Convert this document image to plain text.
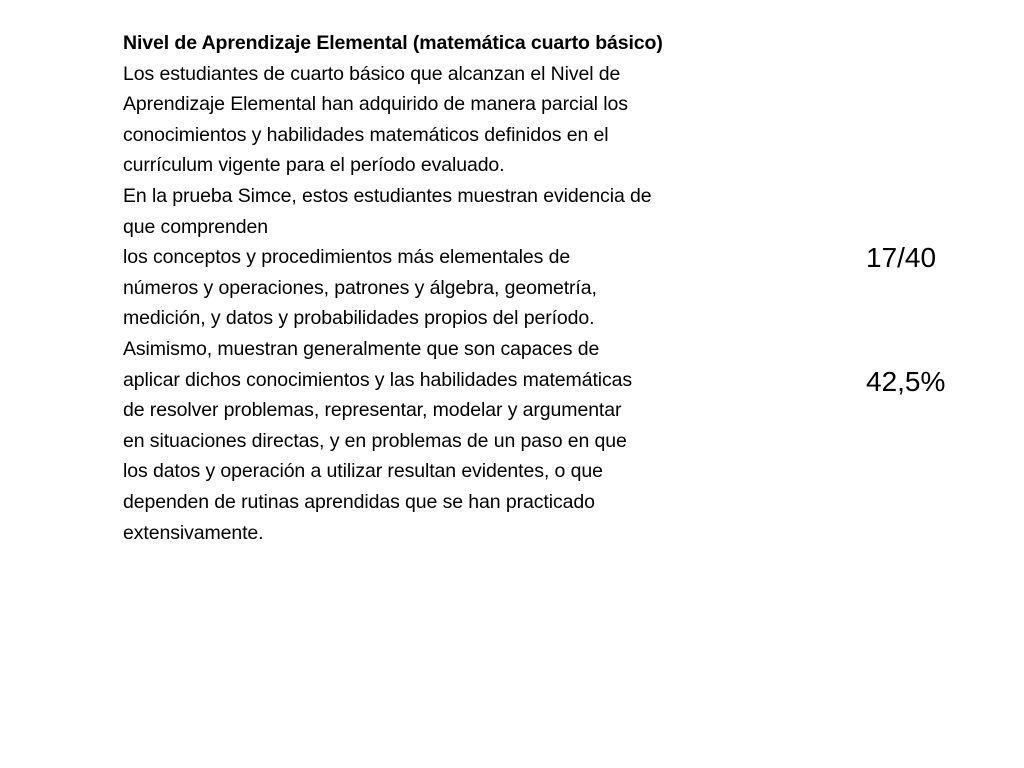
Nivel de Aprendizaje Elemental (matemática cuarto básico)
Los estudiantes de cuarto básico que alcanzan el Nivel de
Aprendizaje Elemental han adquirido de manera parcial los
conocimientos y habilidades matemáticos definidos en el
currículum vigente para el período evaluado.
En la prueba Simce, estos estudiantes muestran evidencia de
que comprenden
los conceptos y procedimientos más elementales de
números y operaciones, patrones y álgebra, geometría,
medición, y datos y probabilidades propios del período.
Asimismo, muestran generalmente que son capaces de
aplicar dichos conocimientos y las habilidades matemáticas
de resolver problemas, representar, modelar y argumentar
en situaciones directas, y en problemas de un paso en que
los datos y operación a utilizar resultan evidentes, o que
dependen de rutinas aprendidas que se han practicado
extensivamente.
17/40
42,5%
